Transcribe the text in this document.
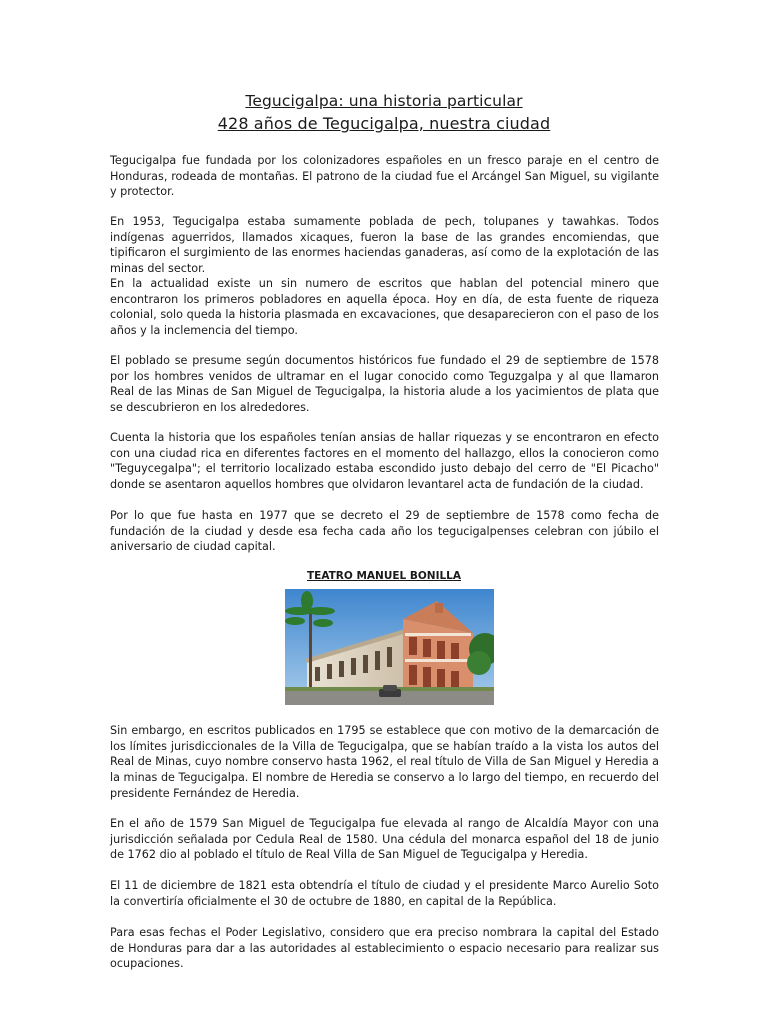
Tegucigalpa: una historia particular
428 años de Tegucigalpa, nuestra ciudad

Tegucigalpa fue fundada por los colonizadores españoles en un fresco paraje en el centro de Honduras, rodeada de montañas. El patrono de la ciudad fue el Arcángel San Miguel, su vigilante y protector.

En 1953, Tegucigalpa estaba sumamente poblada de pech, tolupanes y tawahkas. Todos indígenas aguerridos, llamados xicaques, fueron la base de las grandes encomiendas, que tipificaron el surgimiento de las enormes haciendas ganaderas, así como de la explotación de las minas del sector.

En la actualidad existe un sin numero de escritos que hablan del potencial minero que encontraron los primeros pobladores en aquella época. Hoy en día, de esta fuente de riqueza colonial, solo queda la historia plasmada en excavaciones, que desaparecieron con el paso de los años y la inclemencia del tiempo.

El poblado se presume según documentos históricos fue fundado el 29 de septiembre de 1578 por los hombres venidos de ultramar en el lugar conocido como Teguzgalpa y al que llamaron Real de las Minas de San Miguel de Tegucigalpa, la historia alude a los yacimientos de plata que se descubrieron en los alrededores.

Cuenta la historia que los españoles tenían ansias de hallar riquezas y se encontraron en efecto con una ciudad rica en diferentes factores en el momento del hallazgo, ellos la conocieron como "Teguycegalpa"; el territorio localizado estaba escondido justo debajo del cerro de "El Picacho" donde se asentaron aquellos hombres que olvidaron levantarel acta de fundación de la ciudad.

Por lo que fue hasta en 1977 que se decreto el 29 de septiembre de 1578 como fecha de fundación de la ciudad y desde esa fecha cada año los tegucigalpenses celebran con júbilo el aniversario de ciudad capital.

TEATRO MANUEL BONILLA

Sin embargo, en escritos publicados en 1795 se establece que con motivo de la demarcación de los límites jurisdiccionales de la Villa de Tegucigalpa, que se habían traído a la vista los autos del Real de Minas, cuyo nombre conservo hasta 1962, el real título de Villa de San Miguel y Heredia a la minas de Tegucigalpa. El nombre de Heredia se conservo a lo largo del tiempo, en recuerdo del presidente Fernández de Heredia.

En el año de 1579 San Miguel de Tegucigalpa fue elevada al rango de Alcaldía Mayor con una jurisdicción señalada por Cedula Real de 1580. Una cédula del monarca español del 18 de junio de 1762 dio al poblado el título de Real Villa de San Miguel de Tegucigalpa y Heredia.

El 11 de diciembre de 1821 esta obtendría el título de ciudad y el presidente Marco Aurelio Soto la convertiría oficialmente el 30 de octubre de 1880, en capital de la República.

Para esas fechas el Poder Legislativo, considero que era preciso nombrara la capital del Estado de Honduras para dar a las autoridades al establecimiento o espacio necesario para realizar sus ocupaciones.
